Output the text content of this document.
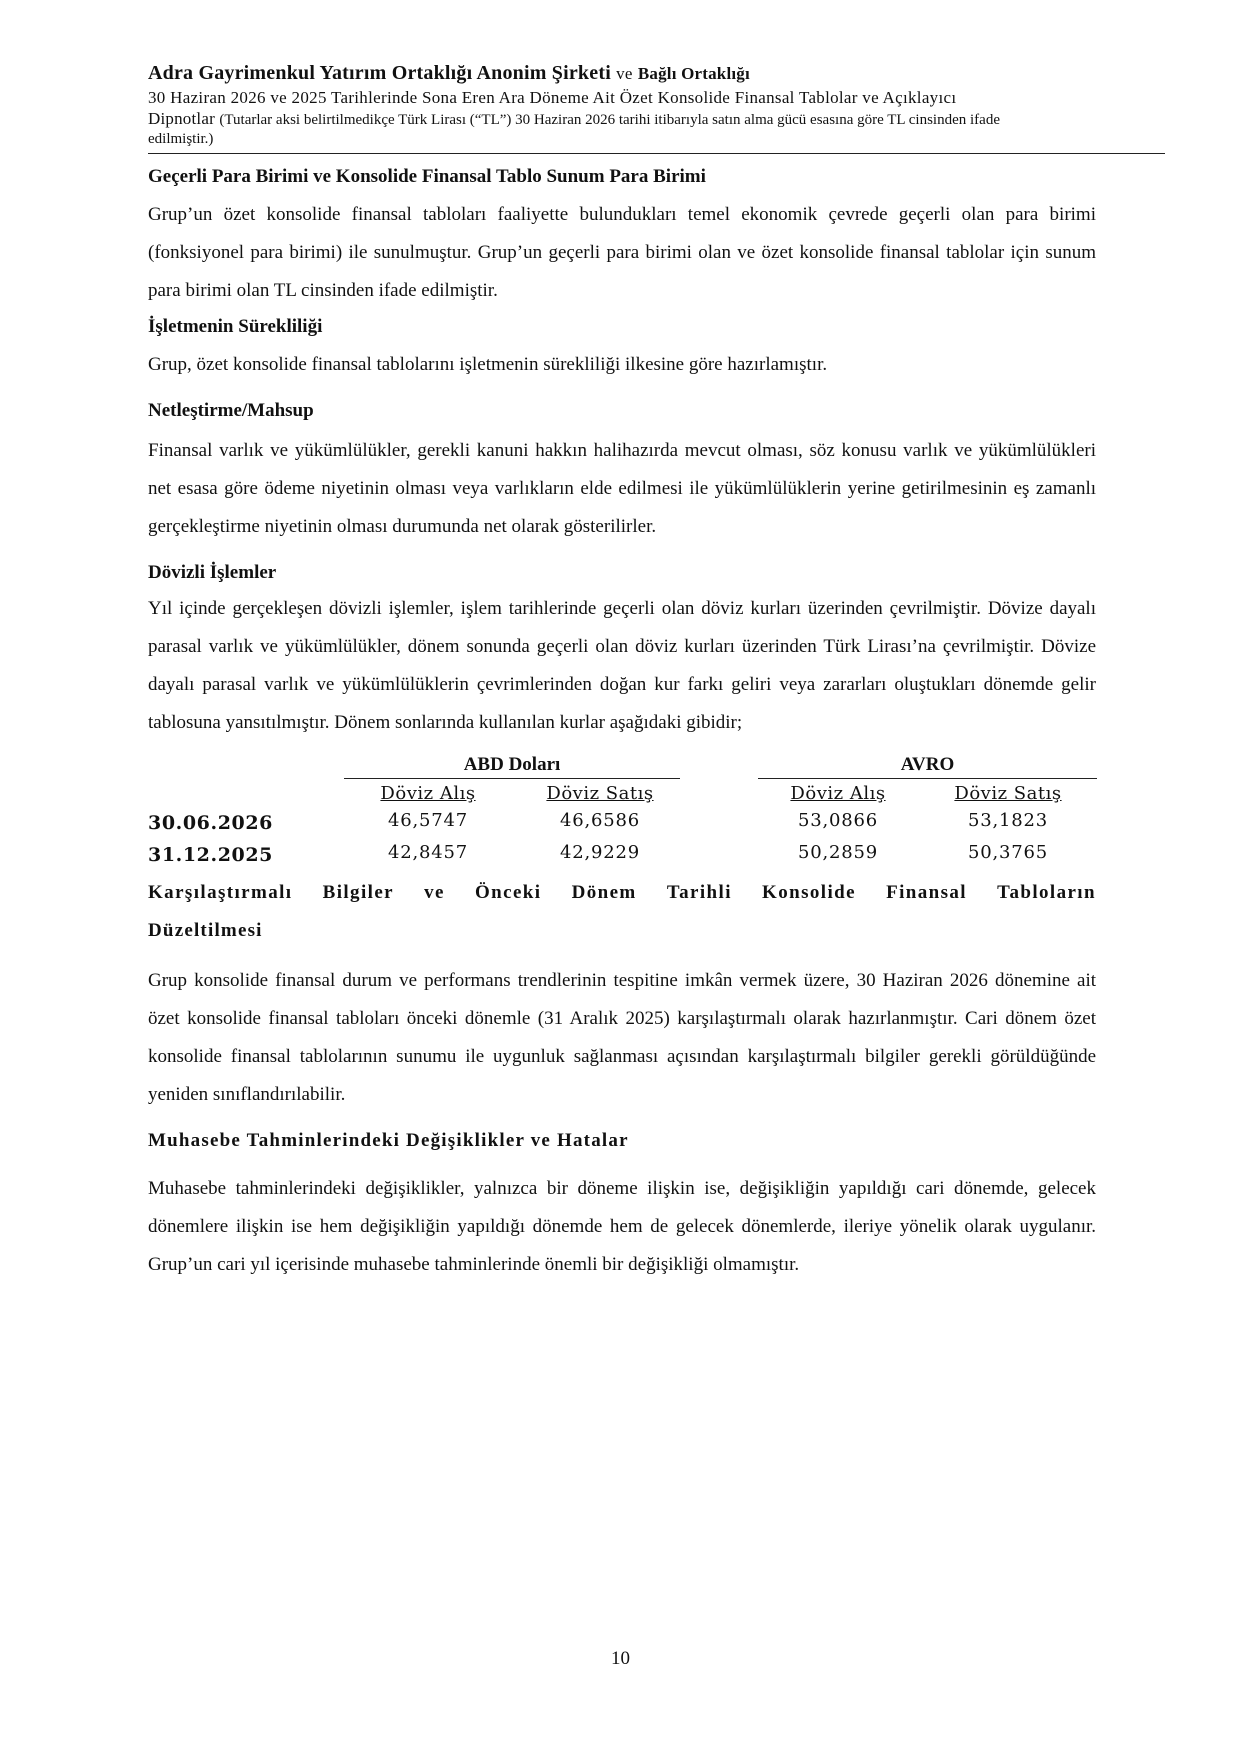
Adra Gayrimenkul Yatırım Ortaklığı Anonim Şirketi ve Bağlı Ortaklığı
30 Haziran 2026 ve 2025 Tarihlerinde Sona Eren Ara Döneme Ait Özet Konsolide Finansal Tablolar ve Açıklayıcı
Dipnotlar (Tutarlar aksi belirtilmedikçe Türk Lirası (“TL”) 30 Haziran 2026 tarihi itibarıyla satın alma gücü esasına göre TL cinsinden ifade
edilmiştir.)
Geçerli Para Birimi ve Konsolide Finansal Tablo Sunum Para Birimi

Grup’un özet konsolide finansal tabloları faaliyette bulundukları temel ekonomik çevrede geçerli olan para birimi (fonksiyonel para birimi) ile sunulmuştur. Grup’un geçerli para birimi olan ve özet konsolide finansal tablolar için sunum para birimi olan TL cinsinden ifade edilmiştir.

İşletmenin Sürekliliği

Grup, özet konsolide finansal tablolarını işletmenin sürekliliği ilkesine göre hazırlamıştır.

Netleştirme/Mahsup

Finansal varlık ve yükümlülükler, gerekli kanuni hakkın halihazırda mevcut olması, söz konusu varlık ve yükümlülükleri net esasa göre ödeme niyetinin olması veya varlıkların elde edilmesi ile yükümlülüklerin yerine getirilmesinin eş zamanlı gerçekleştirme niyetinin olması durumunda net olarak gösterilirler.

Dövizli İşlemler

Yıl içinde gerçekleşen dövizli işlemler, işlem tarihlerinde geçerli olan döviz kurları üzerinden çevrilmiştir. Dövize dayalı parasal varlık ve yükümlülükler, dönem sonunda geçerli olan döviz kurları üzerinden Türk Lirası’na çevrilmiştir. Dövize dayalı parasal varlık ve yükümlülüklerin çevrimlerinden doğan kur farkı geliri veya zararları oluştukları dönemde gelir tablosuna yansıtılmıştır. Dönem sonlarında kullanılan kurlar aşağıdaki gibidir;

ABD Doları	AVRO
Döviz Alış	Döviz Satış	Döviz Alış	Döviz Satış
30.06.2026	46,5747	46,6586	53,0866	53,1823
31.12.2025	42,8457	42,9229	50,2859	50,3765
Karşılaştırmalı Bilgiler ve Önceki Dönem Tarihli Konsolide Finansal Tabloların
Düzeltilmesi

Grup konsolide finansal durum ve performans trendlerinin tespitine imkân vermek üzere, 30 Haziran 2026 dönemine ait özet konsolide finansal tabloları önceki dönemle (31 Aralık 2025) karşılaştırmalı olarak hazırlanmıştır. Cari dönem özet konsolide finansal tablolarının sunumu ile uygunluk sağlanması açısından karşılaştırmalı bilgiler gerekli görüldüğünde yeniden sınıflandırılabilir.

Muhasebe Tahminlerindeki Değişiklikler ve Hatalar

Muhasebe tahminlerindeki değişiklikler, yalnızca bir döneme ilişkin ise, değişikliğin yapıldığı cari dönemde, gelecek dönemlere ilişkin ise hem değişikliğin yapıldığı dönemde hem de gelecek dönemlerde, ileriye yönelik olarak uygulanır. Grup’un cari yıl içerisinde muhasebe tahminlerinde önemli bir değişikliği olmamıştır.

10
